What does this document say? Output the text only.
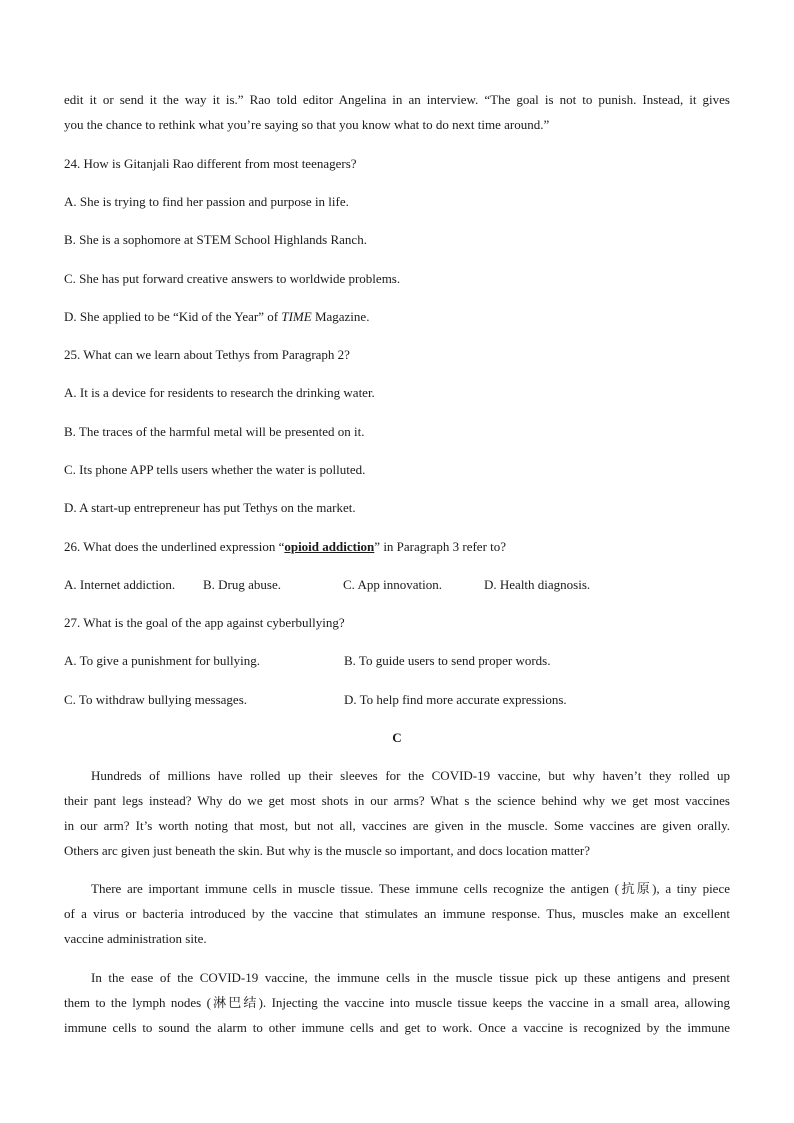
edit it or send it the way it is.” Rao told editor Angelina in an interview. “The goal is not to punish. Instead, it gives
you the chance to rethink what you’re saying so that you know what to do next time around.”
24. How is Gitanjali Rao different from most teenagers?
A. She is trying to find her passion and purpose in life.
B. She is a sophomore at STEM School Highlands Ranch.
C. She has put forward creative answers to worldwide problems.
D. She applied to be “Kid of the Year” of TIME Magazine.
25. What can we learn about Tethys from Paragraph 2?
A. It is a device for residents to research the drinking water.
B. The traces of the harmful metal will be presented on it.
C. Its phone APP tells users whether the water is polluted.
D. A start-up entrepreneur has put Tethys on the market.
26. What does the underlined expression “opioid addiction” in Paragraph 3 refer to?
A. Internet addiction. B. Drug abuse.	C. App innovation.	D. Health diagnosis.
27. What is the goal of the app against cyberbullying?
A. To give a punishment for bullying.	B. To guide users to send proper words.
C. To withdraw bullying messages.	D. To help find more accurate expressions.
C
Hundreds of millions have rolled up their sleeves for the COVID-19 vaccine, but why haven’t they rolled up
their pant legs instead? Why do we get most shots in our arms? What s the science behind why we get most vaccines
in our arm? It’s worth noting that most, but not all, vaccines are given in the muscle. Some vaccines are given orally.
Others arc given just beneath the skin. But why is the muscle so important, and docs location matter?
There are important immune cells in muscle tissue. These immune cells recognize the antigen (抗原), a tiny piece
of a virus or bacteria introduced by the vaccine that stimulates an immune response. Thus, muscles make an excellent
vaccine administration site.
In the ease of the COVID-19 vaccine, the immune cells in the muscle tissue pick up these antigens and present
them to the lymph nodes (淋巴结). Injecting the vaccine into muscle tissue keeps the vaccine in a small area, allowing
immune cells to sound the alarm to other immune cells and get to work. Once a vaccine is recognized by the immune
